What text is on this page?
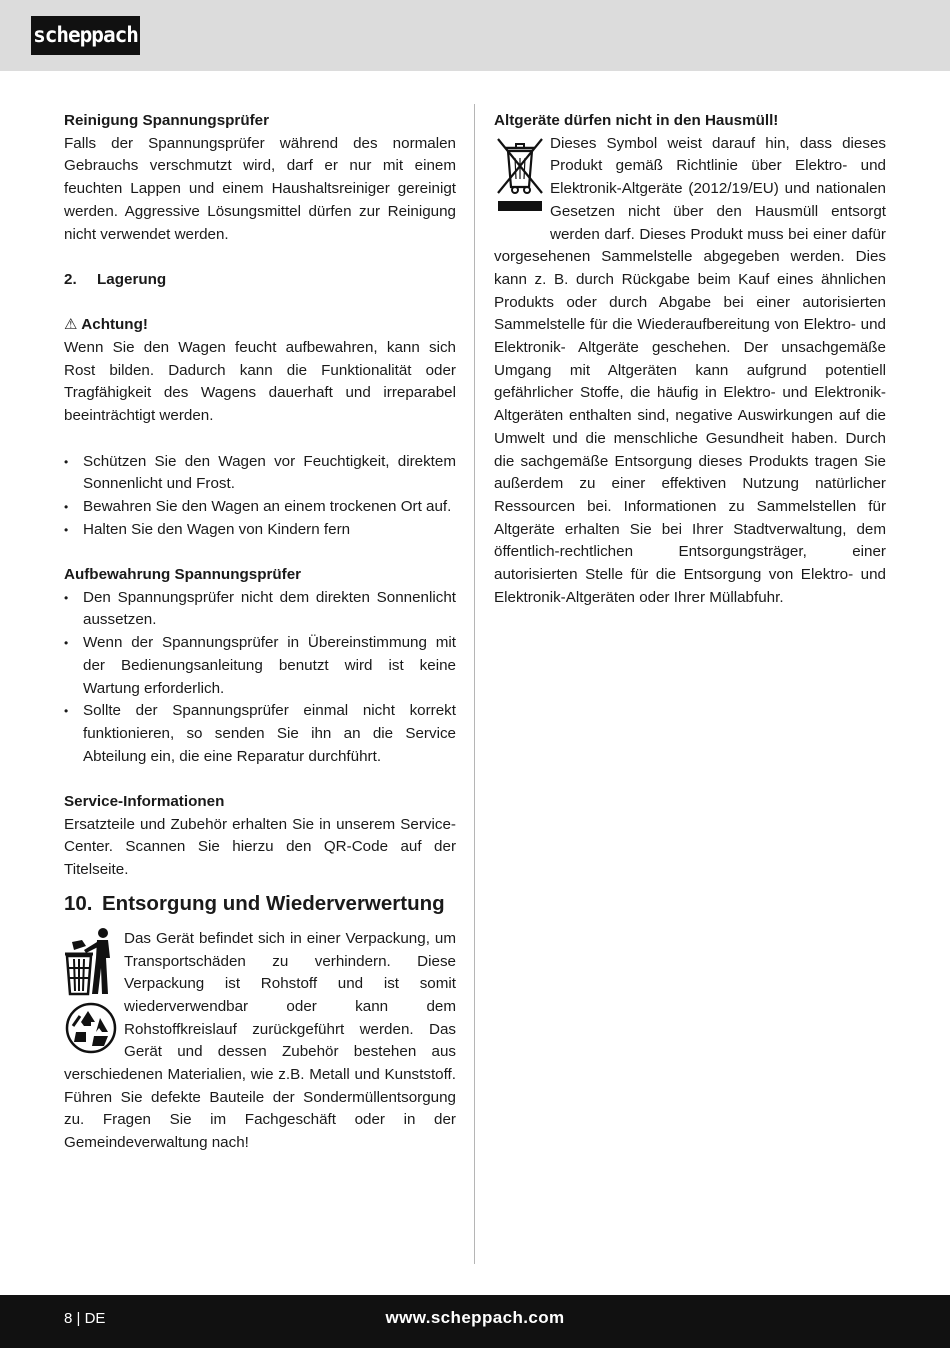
scheppach

Reinigung Spannungsprüfer

Falls der Spannungsprüfer während des normalen Gebrauchs verschmutzt wird, darf er nur mit einem feuchten Lappen und einem Haushaltsreiniger gereinigt werden. Aggressive Lösungsmittel dürfen zur Reinigung nicht verwendet werden.

2. Lagerung

⚠ Achtung!

Wenn Sie den Wagen feucht aufbewahren, kann sich Rost bilden. Dadurch kann die Funktionalität oder Tragfähigkeit des Wagens dauerhaft und irreparabel beeinträchtigt werden.

• Schützen Sie den Wagen vor Feuchtigkeit, direktem Sonnenlicht und Frost.
• Bewahren Sie den Wagen an einem trockenen Ort auf.
• Halten Sie den Wagen von Kindern fern

Aufbewahrung Spannungsprüfer

• Den Spannungsprüfer nicht dem direkten Sonnenlicht aussetzen.
• Wenn der Spannungsprüfer in Übereinstimmung mit der Bedienungsanleitung benutzt wird ist keine Wartung erforderlich.
• Sollte der Spannungsprüfer einmal nicht korrekt funktionieren, so senden Sie ihn an die Service Abteilung ein, die eine Reparatur durchführt.

Service-Informationen

Ersatzteile und Zubehör erhalten Sie in unserem Service-Center. Scannen Sie hierzu den QR-Code auf der Titelseite.

10. Entsorgung und Wiederverwertung

Das Gerät befindet sich in einer Verpackung, um Transportschäden zu verhindern. Diese Verpackung ist Rohstoff und ist somit wiederverwendbar oder kann dem Rohstoffkreislauf zurückgeführt werden. Das Gerät und dessen Zubehör bestehen aus verschiedenen Materialien, wie z.B. Metall und Kunststoff. Führen Sie defekte Bauteile der Sondermüllentsorgung zu. Fragen Sie im Fachgeschäft oder in der Gemeindeverwaltung nach!

Altgeräte dürfen nicht in den Hausmüll!

Dieses Symbol weist darauf hin, dass dieses Produkt gemäß Richtlinie über Elektro- und Elektronik-Altgeräte (2012/19/EU) und nationalen Gesetzen nicht über den Hausmüll entsorgt werden darf. Dieses Produkt muss bei einer dafür vorgesehenen Sammelstelle abgegeben werden. Dies kann z. B. durch Rückgabe beim Kauf eines ähnlichen Produkts oder durch Abgabe bei einer autorisierten Sammelstelle für die Wiederaufbereitung von Elektro- und Elektronik- Altgeräte geschehen. Der unsachgemäße Umgang mit Altgeräten kann aufgrund potentiell gefährlicher Stoffe, die häufig in Elektro- und Elektronik-Altgeräten enthalten sind, negative Auswirkungen auf die Umwelt und die menschliche Gesundheit haben. Durch die sachgemäße Entsorgung dieses Produkts tragen Sie außerdem zu einer effektiven Nutzung natürlicher Ressourcen bei. Informationen zu Sammelstellen für Altgeräte erhalten Sie bei Ihrer Stadtverwaltung, dem öffentlich-rechtlichen Entsorgungsträger, einer autorisierten Stelle für die Entsorgung von Elektro- und Elektronik-Altgeräten oder Ihrer Müllabfuhr.

8 | DE	www.scheppach.com
